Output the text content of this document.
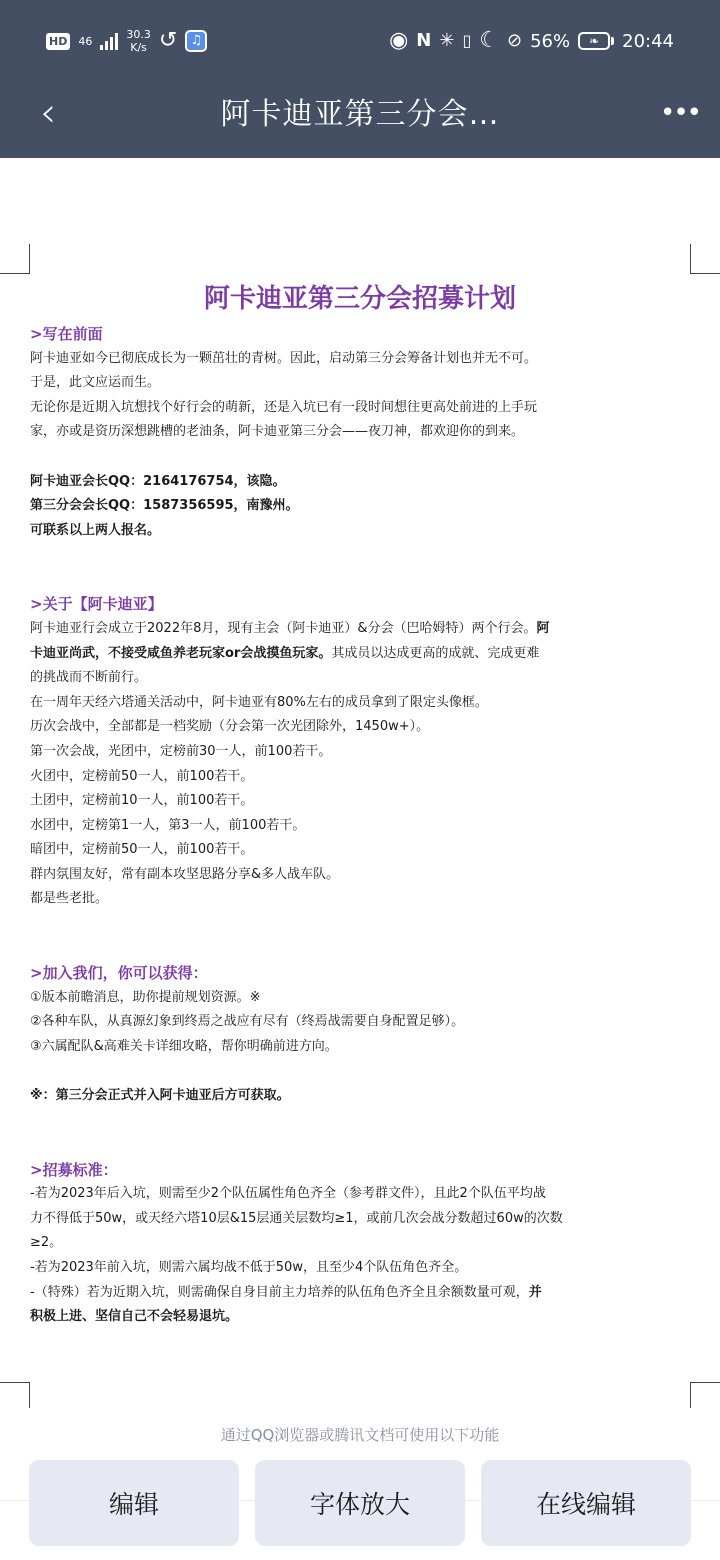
HD 46	30.3
K/s ↺	♫	◉ N ✳ ▯ ☾ ⊘ 56%	❧	20:44
‹	阿卡迪亚第三分会…	•••
阿卡迪亚第三分会招募计划
>写在前面
阿卡迪亚如今已彻底成长为一颗茁壮的青树。因此，启动第三分会筹备计划也并无不可。
于是，此文应运而生。
无论你是近期入坑想找个好行会的萌新，还是入坑已有一段时间想往更高处前进的上手玩
家，亦或是资历深想跳槽的老油条，阿卡迪亚第三分会——夜刀神，都欢迎你的到来。
阿卡迪亚会长QQ：2164176754，该隐。
第三分会会长QQ：1587356595，南豫州。
可联系以上两人报名。
>关于【阿卡迪亚】
阿卡迪亚行会成立于2022年8月，现有主会（阿卡迪亚）&分会（巴哈姆特）两个行会。阿
卡迪亚尚武，不接受咸鱼养老玩家or会战摸鱼玩家。其成员以达成更高的成就、完成更难
的挑战而不断前行。
在一周年天经六塔通关活动中，阿卡迪亚有80%左右的成员拿到了限定头像框。
历次会战中，全部都是一档奖励（分会第一次光团除外，1450w+）。
第一次会战，光团中，定榜前30一人，前100若干。
火团中，定榜前50一人，前100若干。
土团中，定榜前10一人，前100若干。
水团中，定榜第1一人，第3一人，前100若干。
暗团中，定榜前50一人，前100若干。
群内氛围友好，常有副本攻坚思路分享&多人战车队。
都是些老批。
>加入我们，你可以获得：
①版本前瞻消息，助你提前规划资源。※
②各种车队，从真源幻象到终焉之战应有尽有（终焉战需要自身配置足够）。
③六属配队&高难关卡详细攻略，帮你明确前进方向。
※：第三分会正式并入阿卡迪亚后方可获取。
>招募标准：
-若为2023年后入坑，则需至少2个队伍属性角色齐全（参考群文件），且此2个队伍平均战
力不得低于50w，或天经六塔10层&15层通关层数均≥1，或前几次会战分数超过60w的次数
≥2。
-若为2023年前入坑，则需六属均战不低于50w，且至少4个队伍角色齐全。
-（特殊）若为近期入坑，则需确保自身目前主力培养的队伍角色齐全且余额数量可观，并
积极上进、坚信自己不会轻易退坑。
通过QQ浏览器或腾讯文档可使用以下功能
编辑	字体放大	在线编辑
